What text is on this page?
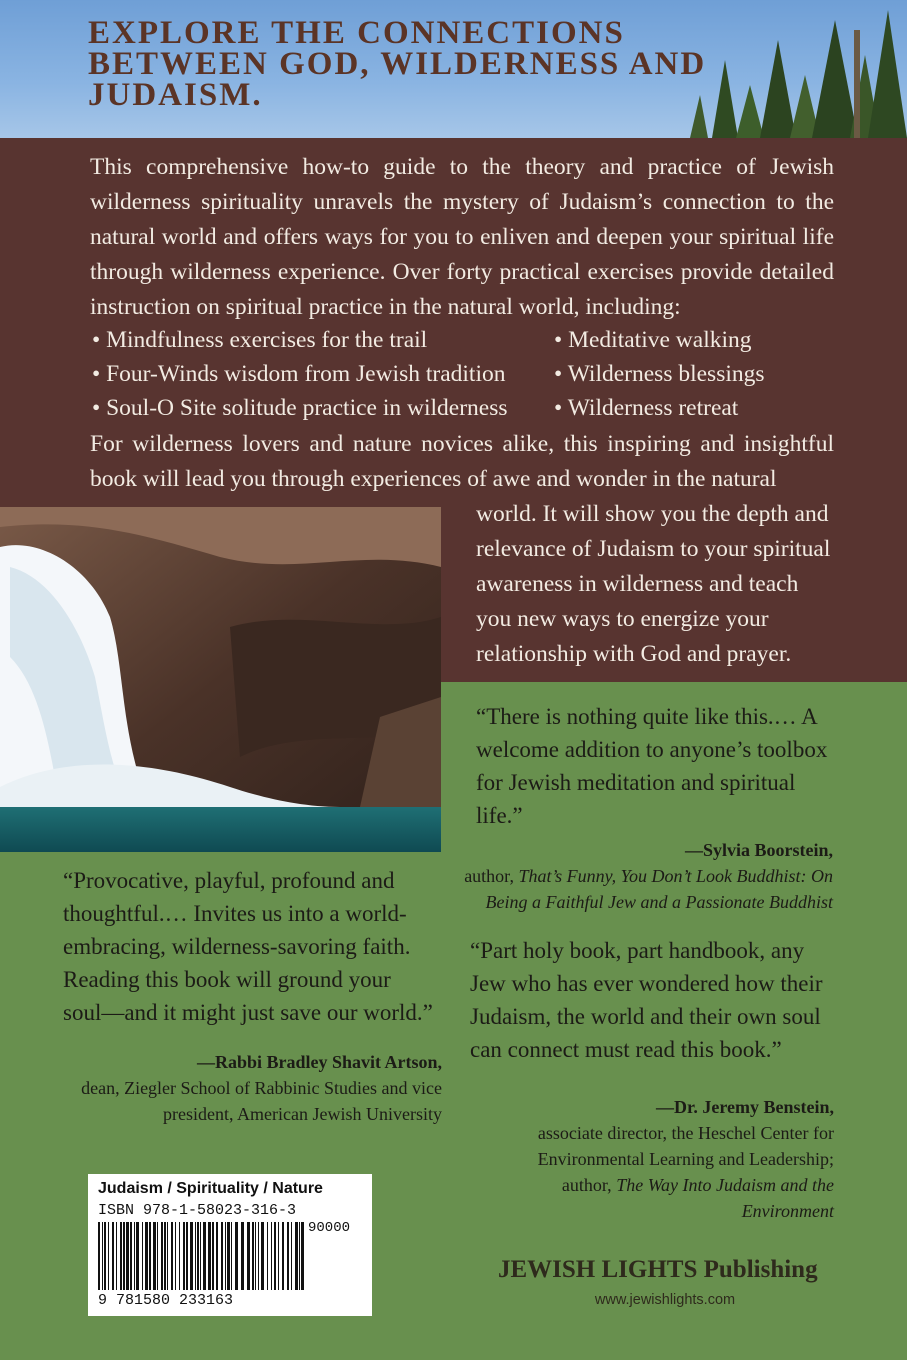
EXPLORE THE CONNECTIONS BETWEEN GOD, WILDERNESS AND JUDAISM.

This comprehensive how-to guide to the theory and practice of Jewish wilderness spirituality unravels the mystery of Judaism’s connection to the natural world and offers ways for you to enliven and deepen your spiritual life through wilderness experience. Over forty practical exercises provide detailed instruction on spiritual practice in the natural world, including:

• Mindfulness exercises for the trail
• Four-Winds wisdom from Jewish tradition
• Soul-O Site solitude practice in wilderness
• Meditative walking
• Wilderness blessings
• Wilderness retreat

For wilderness lovers and nature novices alike, this inspiring and insightful book will lead you through experiences of awe and wonder in the natural

world. It will show you the depth and relevance of Judaism to your spiritual awareness in wilderness and teach you new ways to energize your relationship with God and prayer.

“There is nothing quite like this.… A welcome addition to anyone’s toolbox for Jewish meditation and spiritual life.”

—Sylvia Boorstein,
author, That’s Funny, You Don’t Look Buddhist: On Being a Faithful Jew and a Passionate Buddhist

“Provocative, playful, profound and thoughtful.… Invites us into a world-embracing, wilderness-savoring faith. Reading this book will ground your soul—and it might just save our world.”

—Rabbi Bradley Shavit Artson,
dean, Ziegler School of Rabbinic Studies and vice president, American Jewish University

“Part holy book, part handbook, any Jew who has ever wondered how their Judaism, the world and their own soul can connect must read this book.”

—Dr. Jeremy Benstein,
associate director, the Heschel Center for Environmental Learning and Leadership; author, The Way Into Judaism and the Environment
Judaism / Spirituality / Nature
ISBN 978-1-58023-316-3
90000
9 781580 233163
JEWISH LIGHTS Publishing
www.jewishlights.com
